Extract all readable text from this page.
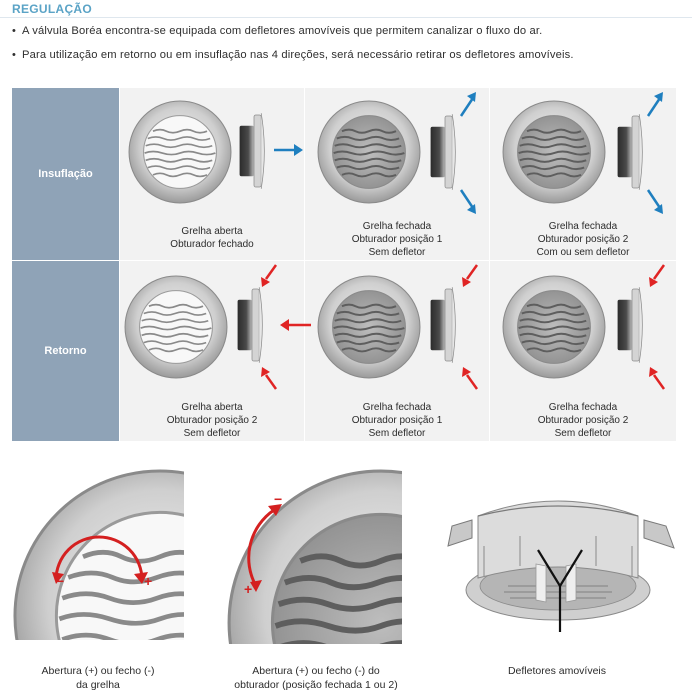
REGULAÇÃO
• A válvula Boréa encontra-se equipada com defletores amovíveis que permitem canalizar o fluxo do ar.
• Para utilização em retorno ou em insuflação nas 4 direções, será necessário retirar os defletores amovíveis.
Insuflação
Retorno
Grelha aberta
Obturador fechado
Grelha fechada
Obturador posição 1
Sem defletor
Grelha fechada
Obturador posição 2
Com ou sem defletor
Grelha aberta
Obturador posição 2
Sem defletor
Grelha fechada
Obturador posição 1
Sem defletor
Grelha fechada
Obturador posição 2
Sem defletor
−	+
−
+
Abertura (+) ou fecho (-)
da grelha
Abertura (+) ou fecho (-) do
obturador (posição fechada 1 ou 2)
Defletores amovíveis
